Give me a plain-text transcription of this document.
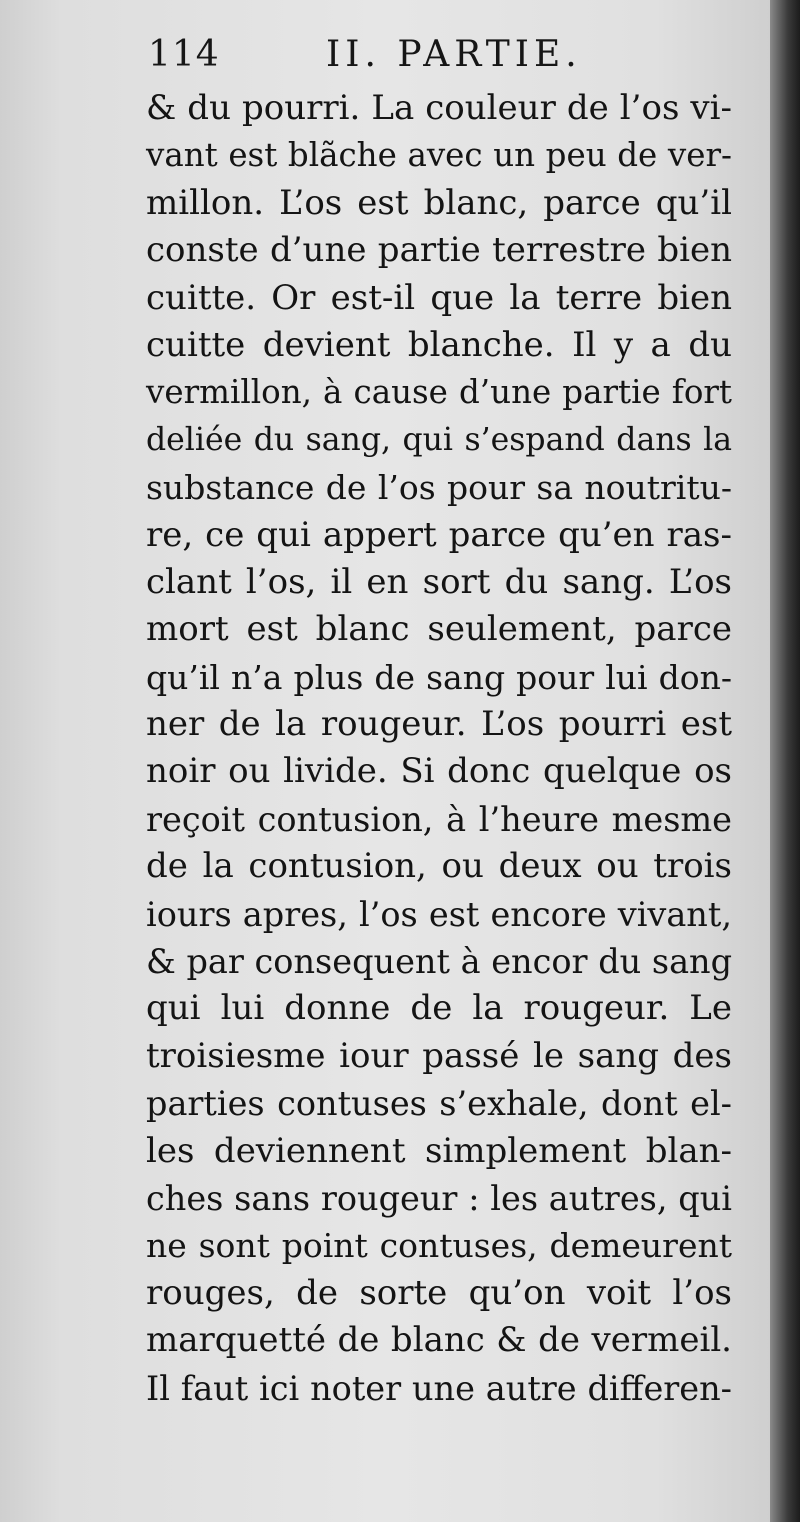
114	II. PARTIE.
& du pourri. La couleur de l’os vi-
vant est blãche avec un peu de ver-
millon. L’os est blanc, parce qu’il
conste d’une partie terrestre bien
cuitte. Or est-il que la terre bien
cuitte devient blanche. Il y a du
vermillon, à cause d’une partie fort
deliée du sang, qui s’espand dans la
substance de l’os pour sa noutritu-
re, ce qui appert parce qu’en ras-
clant l’os, il en sort du sang. L’os
mort est blanc seulement, parce
qu’il n’a plus de sang pour lui don-
ner de la rougeur. L’os pourri est
noir ou livide. Si donc quelque os
reçoit contusion, à l’heure mesme
de la contusion, ou deux ou trois
iours apres, l’os est encore vivant,
& par consequent à encor du sang
qui lui donne de la rougeur. Le
troisiesme iour passé le sang des
parties contuses s’exhale, dont el-
les deviennent simplement blan-
ches sans rougeur : les autres, qui
ne sont point contuses, demeurent
rouges, de sorte qu’on voit l’os
marquetté de blanc & de vermeil.
Il faut ici noter une autre differen-
